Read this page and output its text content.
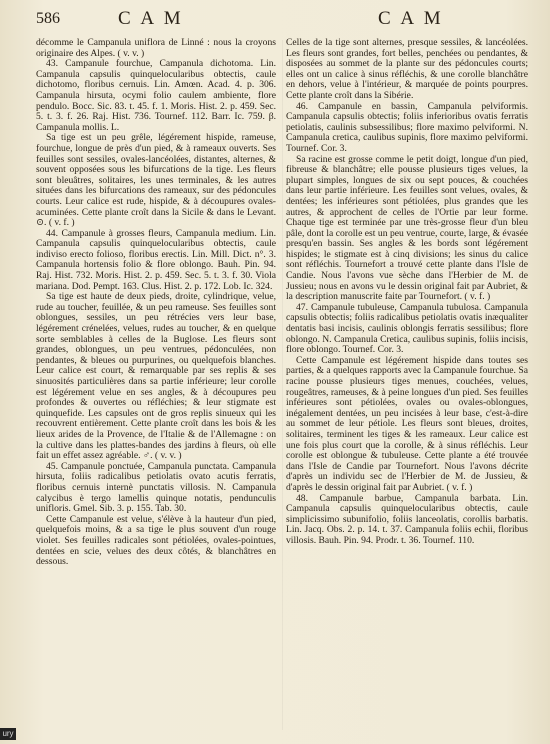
586	C A M	C A M

décomme le Campanula uniflora de Linné : nous la croyons originaire des Alpes. ( v. v. )

43. Campanule fourchue, Campanula dichotoma. Lin. Campanula capsulis quinquelocularibus obtectis, caule dichotomo, floribus cernuis. Lin. Amœn. Acad. 4. p. 306. Campanula hirsuta, ocymi folio caulem ambiente, flore pendulo. Bocc. Sic. 83. t. 45. f. 1. Moris. Hist. 2. p. 459. Sec. 5. t. 3. f. 26. Raj. Hist. 736. Tournef. 112. Barr. Ic. 759. β. Campanula mollis. L.

Sa tige est un peu grêle, légérement hispide, rameuse, fourchue, longue de près d'un pied, & à rameaux ouverts. Ses feuilles sont sessiles, ovales-lancéolées, distantes, alternes, & souvent opposées sous les bifurcations de la tige. Les fleurs sont bleuâtres, solitaires, les unes terminales, & les autres situées dans les bifurcations des rameaux, sur des pédoncules courts. Leur calice est rude, hispide, & à découpures ovales-acuminées. Cette plante croît dans la Sicile & dans le Levant. ⊙. ( v. f. )

44. Campanule à grosses fleurs, Campanula medium. Lin. Campanula capsulis quinquelocularibus obtectis, caule indiviso erecto folioso, floribus erectis. Lin. Mill. Dict. n°. 3. Campanula hortensis folio & flore oblongo. Bauh. Pin. 94. Raj. Hist. 732. Moris. Hist. 2. p. 459. Sec. 5. t. 3. f. 30. Viola mariana. Dod. Pempt. 163. Clus. Hist. 2. p. 172. Lob. Ic. 324.

Sa tige est haute de deux pieds, droite, cylindrique, velue, rude au toucher, feuillée, & un peu rameuse. Ses feuilles sont oblongues, sessiles, un peu rétrécies vers leur base, légérement crénelées, velues, rudes au toucher, & en quelque sorte semblables à celles de la Buglose. Les fleurs sont grandes, oblongues, un peu ventrues, pédonculées, non pendantes, & bleues ou purpurines, ou quelquefois blanches. Leur calice est court, & remarquable par ses replis & ses sinuosités particulières dans sa partie inférieure; leur corolle est légérement velue en ses angles, & à découpures peu profondes & ouvertes ou réfléchies; & leur stigmate est quinquefide. Les capsules ont de gros replis sinueux qui les recouvrent entièrement. Cette plante croît dans les bois & les lieux arides de la Provence, de l'Italie & de l'Allemagne : on la cultive dans les plattes-bandes des jardins à fleurs, où elle fait un effet assez agréable. ♂. ( v. v. )

45. Campanule ponctuée, Campanula punctata. Campanula hirsuta, foliis radicalibus petiolatis ovato acutis ferratis, floribus cernuis internè punctatis villosis. N. Campanula calycibus è tergo lamellis quinque notatis, pendunculis unifloris. Gmel. Sib. 3. p. 155. Tab. 30.

Cette Campanule est velue, s'élève à la hauteur d'un pied, quelquefois moins, & a sa tige le plus souvent d'un rouge violet. Ses feuilles radicales sont pétiolées, ovales-pointues, dentées en scie, velues des deux côtés, & blanchâtres en dessous.

Celles de la tige sont alternes, presque sessiles, & lancéolées. Les fleurs sont grandes, fort belles, penchées ou pendantes, & disposées au sommet de la plante sur des pédoncules courts; elles ont un calice à sinus réfléchis, & une corolle blanchâtre en dehors, velue à l'intérieur, & marquée de points pourpres. Cette plante croît dans la Sibérie.

46. Campanule en bassin, Campanula pelviformis. Campanula capsulis obtectis; foliis inferioribus ovatis ferratis petiolatis, caulinis subsessilibus; flore maximo pelviformi. N. Campanula cretica, caulibus supinis, flore maximo pelviformi. Tournef. Cor. 3.

Sa racine est grosse comme le petit doigt, longue d'un pied, fibreuse & blanchâtre; elle pousse plusieurs tiges velues, la plupart simples, longues de six ou sept pouces, & couchées dans leur partie inférieure. Les feuilles sont velues, ovales, & dentées; les inférieures sont pétiolées, plus grandes que les autres, & approchent de celles de l'Ortie par leur forme. Chaque tige est terminée par une très-grosse fleur d'un bleu pâle, dont la corolle est un peu ventrue, courte, large, & évasée presqu'en bassin. Ses angles & les bords sont légérement hispides; le stigmate est à cinq divisions; les sinus du calice sont réfléchis. Tournefort a trouvé cette plante dans l'Isle de Candie. Nous l'avons vue sèche dans l'Herbier de M. de Jussieu; nous en avons vu le dessin original fait par Aubriet, & la description manuscrite faite par Tournefort. ( v. f. )

47. Campanule tubuleuse, Campanula tubulosa. Campanula capsulis obtectis; foliis radicalibus petiolatis ovatis inæqualiter dentatis basi incisis, caulinis oblongis ferratis sessilibus; flore oblongo. N. Campanula Cretica, caulibus supinis, foliis incisis, flore oblongo. Tournef. Cor. 3.

Cette Campanule est légérement hispide dans toutes ses parties, & a quelques rapports avec la Campanule fourchue. Sa racine pousse plusieurs tiges menues, couchées, velues, rougeâtres, rameuses, & à peine longues d'un pied. Ses feuilles inférieures sont pétiolées, ovales ou ovales-oblongues, inégalement dentées, un peu incisées à leur base, c'est-à-dire au sommet de leur pétiole. Les fleurs sont bleues, droites, solitaires, terminent les tiges & les rameaux. Leur calice est une fois plus court que la corolle, & à sinus réfléchis. Leur corolle est oblongue & tubuleuse. Cette plante a été trouvée dans l'Isle de Candie par Tournefort. Nous l'avons décrite d'après un individu sec de l'Herbier de M. de Jussieu, & d'après le dessin original fait par Aubriet. ( v. f. )

48. Campanule barbue, Campanula barbata. Lin. Campanula capsulis quinquelocularibus obtectis, caule simplicissimo subunifolio, foliis lanceolatis, corollis barbatis. Lin. Jacq. Obs. 2. p. 14. t. 37. Campanula foliis echii, floribus villosis. Bauh. Pin. 94. Prodr. t. 36. Tournef. 110.

ury
